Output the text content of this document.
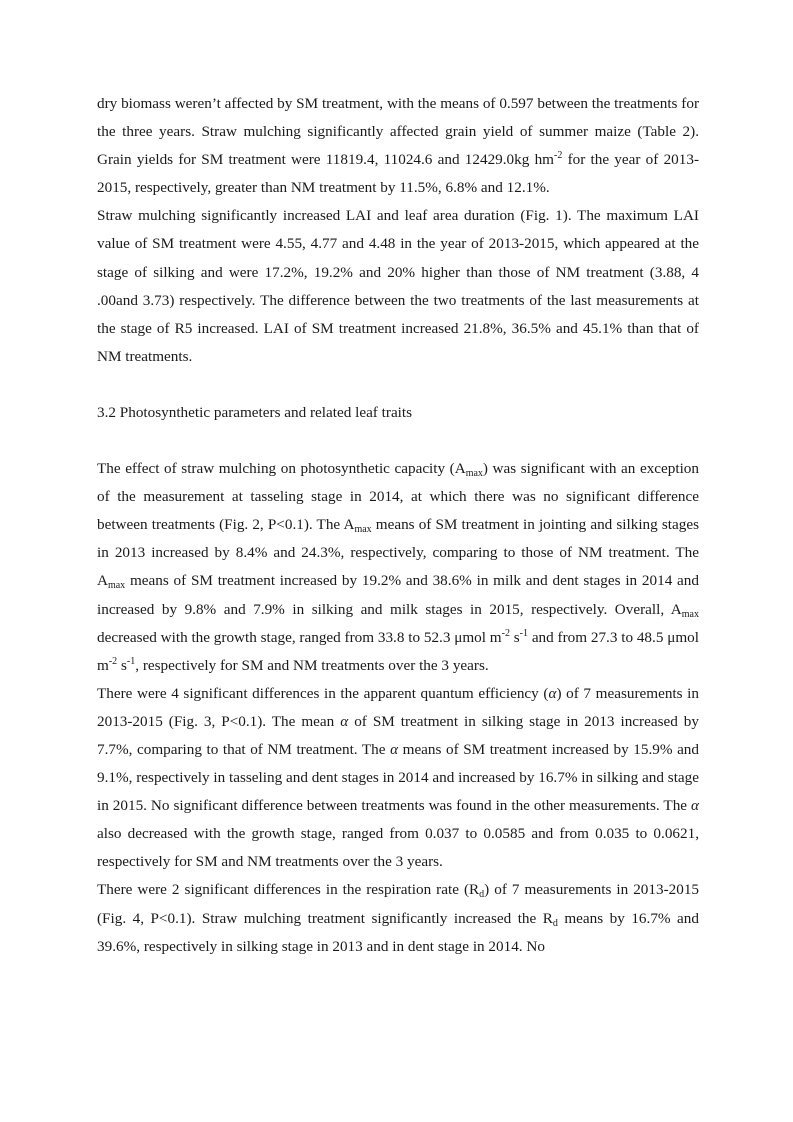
dry biomass weren’t affected by SM treatment, with the means of 0.597 between the treatments for the three years. Straw mulching significantly affected grain yield of summer maize (Table 2). Grain yields for SM treatment were 11819.4, 11024.6 and 12429.0kg $hm^{-2}$ for the year of 2013-2015, respectively, greater than NM treatment by 11.5%, 6.8% and 12.1%.

Straw mulching significantly increased LAI and leaf area duration (Fig. 1). The maximum LAI value of SM treatment were 4.55, 4.77 and 4.48 in the year of 2013-2015, which appeared at the stage of silking and were 17.2%, 19.2% and 20% higher than those of NM treatment (3.88, 4 .00and 3.73) respectively. The difference between the two treatments of the last measurements at the stage of R5 increased. LAI of SM treatment increased 21.8%, 36.5% and 45.1% than that of NM treatments.

3.2 Photosynthetic parameters and related leaf traits

The effect of straw mulching on photosynthetic capacity $(A_{max})$ was significant with an exception of the measurement at tasseling stage in 2014, at which there was no significant difference between treatments (Fig. 2, P<0.1). The $A_{max}$ means of SM treatment in jointing and silking stages in 2013 increased by 8.4% and 24.3%, respectively, comparing to those of NM treatment. The $A_{max}$ means of SM treatment increased by 19.2% and 38.6% in milk and dent stages in 2014 and increased by 9.8% and 7.9% in silking and milk stages in 2015, respectively. Overall, $A_{max}$ decreased with the growth stage, ranged from 33.8 to 52.3 μmol $m^{-2}$ $s^{-1}$ and from 27.3 to 48.5 μmol $m^{-2}$ $s^{-1}$, respectively for SM and NM treatments over the 3 years.

There were 4 significant differences in the apparent quantum efficiency (α) of 7 measurements in 2013-2015 (Fig. 3, P<0.1). The mean α of SM treatment in silking stage in 2013 increased by 7.7%, comparing to that of NM treatment. The α means of SM treatment increased by 15.9% and 9.1%, respectively in tasseling and dent stages in 2014 and increased by 16.7% in silking and stage in 2015. No significant difference between treatments was found in the other measurements. The α also decreased with the growth stage, ranged from 0.037 to 0.0585 and from 0.035 to 0.0621, respectively for SM and NM treatments over the 3 years.

There were 2 significant differences in the respiration rate $(R_d)$ of 7 measurements in 2013-2015 (Fig. 4, P<0.1). Straw mulching treatment significantly increased the $R_d$ means by 16.7% and 39.6%, respectively in silking stage in 2013 and in dent stage in 2014. No
